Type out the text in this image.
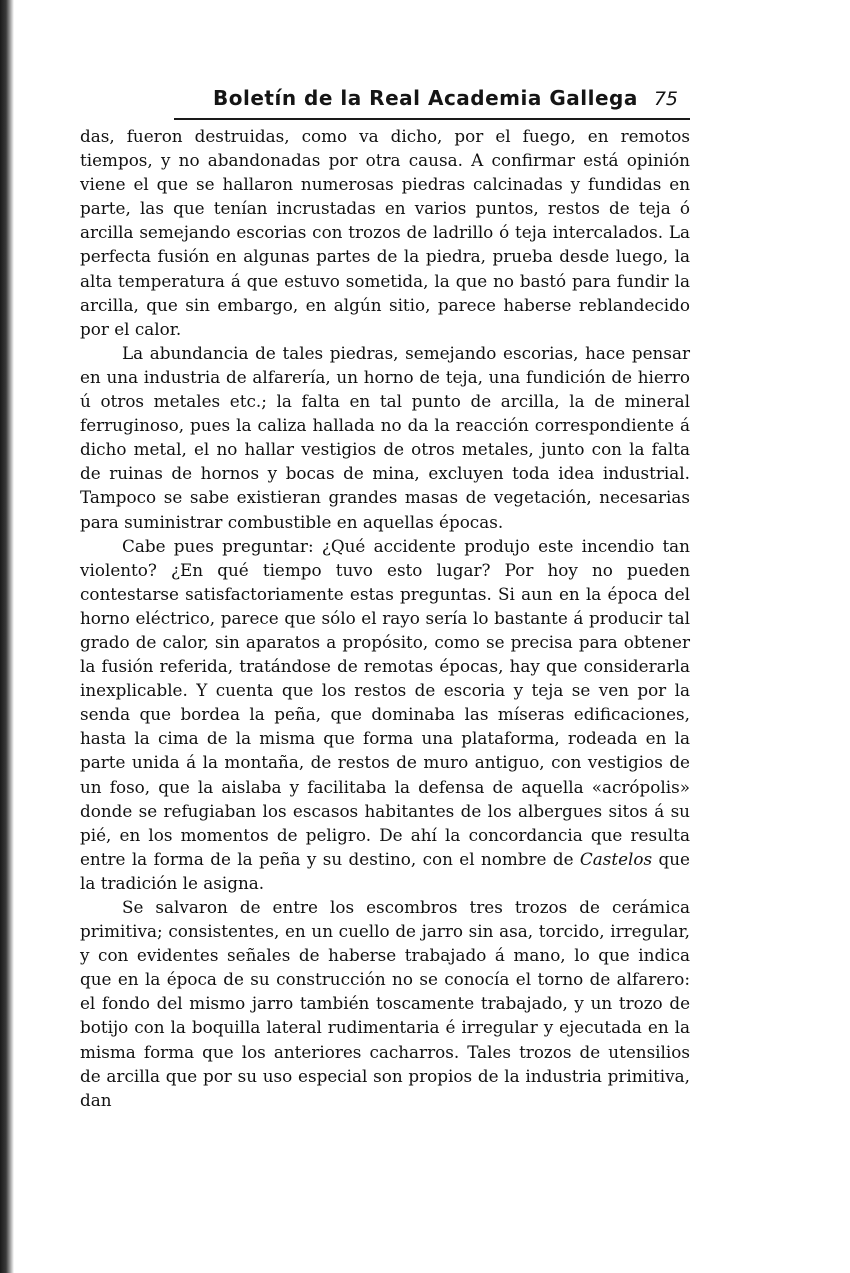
Boletín de la Real Academia Gallega 75

das, fueron destruidas, como va dicho, por el fuego, en remotos tiempos, y no abandonadas por otra causa. A confirmar está opinión viene el que se hallaron numerosas piedras calcinadas y fundidas en parte, las que tenían incrustadas en varios puntos, restos de teja ó arcilla semejando escorias con trozos de ladrillo ó teja intercalados. La perfecta fusión en algunas partes de la piedra, prueba desde luego, la alta temperatura á que estuvo sometida, la que no bastó para fundir la arcilla, que sin embargo, en algún sitio, parece haberse reblandecido por el calor.

La abundancia de tales piedras, semejando escorias, hace pensar en una industria de alfarería, un horno de teja, una fundición de hierro ú otros metales etc.; la falta en tal punto de arcilla, la de mineral ferruginoso, pues la caliza hallada no da la reacción correspondiente á dicho metal, el no hallar vestigios de otros metales, junto con la falta de ruinas de hornos y bocas de mina, excluyen toda idea industrial. Tampoco se sabe existieran grandes masas de vegetación, necesarias para suministrar combustible en aquellas épocas.

Cabe pues preguntar: ¿Qué accidente produjo este incendio tan violento? ¿En qué tiempo tuvo esto lugar? Por hoy no pueden contestarse satisfactoriamente estas preguntas. Si aun en la época del horno eléctrico, parece que sólo el rayo sería lo bastante á producir tal grado de calor, sin aparatos a propósito, como se precisa para obtener la fusión referida, tratándose de remotas épocas, hay que considerarla inexplicable. Y cuenta que los restos de escoria y teja se ven por la senda que bordea la peña, que dominaba las míseras edificaciones, hasta la cima de la misma que forma una plataforma, rodeada en la parte unida á la montaña, de restos de muro antiguo, con vestigios de un foso, que la aislaba y facilitaba la defensa de aquella «acrópolis» donde se refugiaban los escasos habitantes de los albergues sitos á su pié, en los momentos de peligro. De ahí la concordancia que resulta entre la forma de la peña y su destino, con el nombre de Castelos que la tradición le asigna.

Se salvaron de entre los escombros tres trozos de cerámica primitiva; consistentes, en un cuello de jarro sin asa, torcido, irregular, y con evidentes señales de haberse trabajado á mano, lo que indica que en la época de su construcción no se conocía el torno de alfarero: el fondo del mismo jarro también toscamente trabajado, y un trozo de botijo con la boquilla lateral rudimentaria é irregular y ejecutada en la misma forma que los anteriores cacharros. Tales trozos de utensilios de arcilla que por su uso especial son propios de la industria primitiva, dan
